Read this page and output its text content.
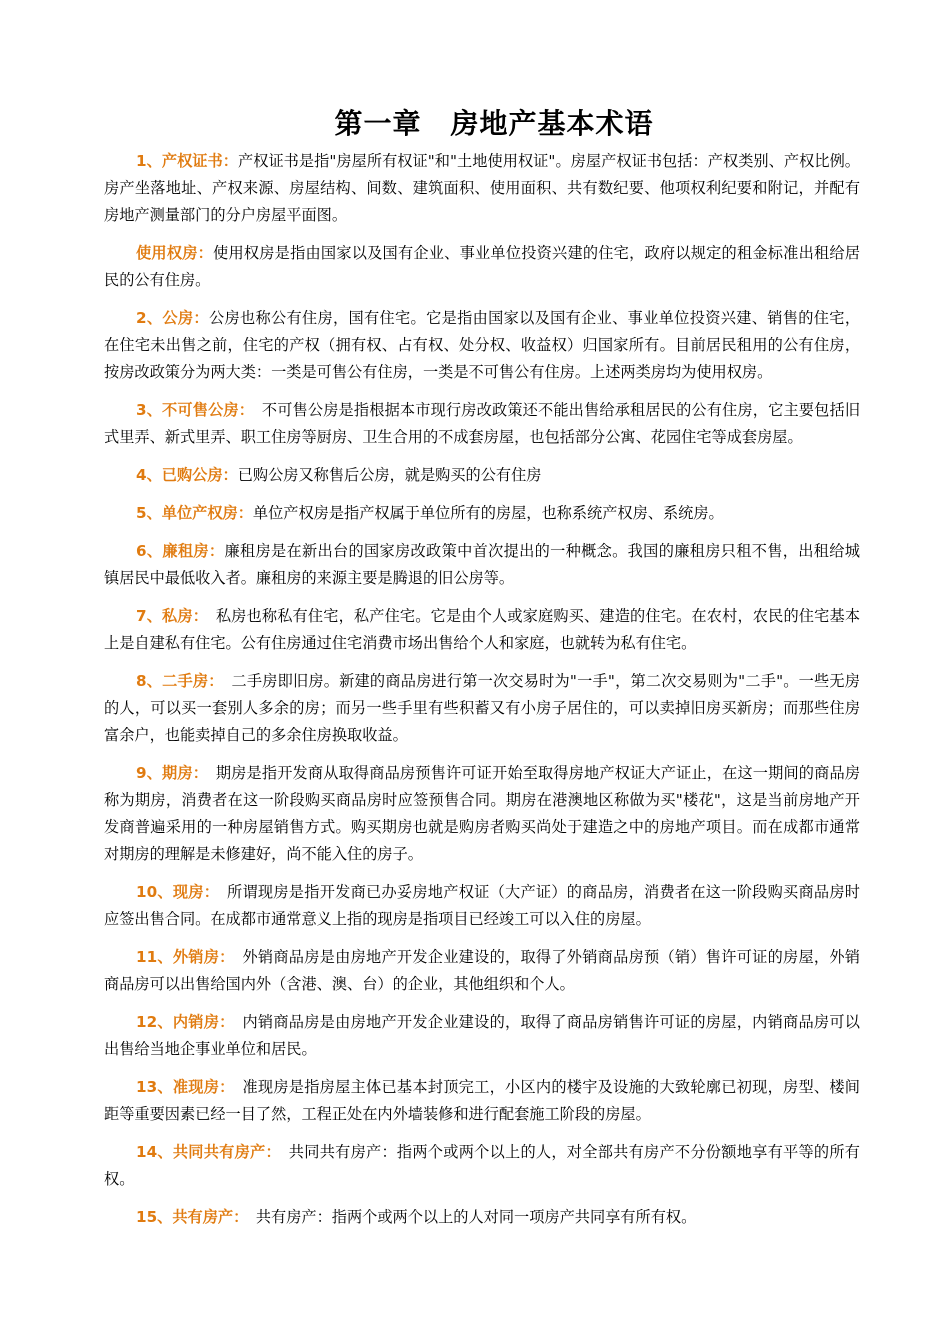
第一章　房地产基本术语

1、产权证书：产权证书是指"房屋所有权证"和"土地使用权证"。房屋产权证书包括：产权类别、产权比例。房产坐落地址、产权来源、房屋结构、间数、建筑面积、使用面积、共有数纪要、他项权利纪要和附记，并配有房地产测量部门的分户房屋平面图。

使用权房：使用权房是指由国家以及国有企业、事业单位投资兴建的住宅，政府以规定的租金标准出租给居民的公有住房。

2、公房：公房也称公有住房，国有住宅。它是指由国家以及国有企业、事业单位投资兴建、销售的住宅，在住宅未出售之前，住宅的产权（拥有权、占有权、处分权、收益权）归国家所有。目前居民租用的公有住房，按房改政策分为两大类：一类是可售公有住房，一类是不可售公有住房。上述两类房均为使用权房。

3、不可售公房：　不可售公房是指根据本市现行房改政策还不能出售给承租居民的公有住房，它主要包括旧式里弄、新式里弄、职工住房等厨房、卫生合用的不成套房屋，也包括部分公寓、花园住宅等成套房屋。

4、已购公房：已购公房又称售后公房，就是购买的公有住房

5、单位产权房：单位产权房是指产权属于单位所有的房屋，也称系统产权房、系统房。

6、廉租房：廉租房是在新出台的国家房改政策中首次提出的一种概念。我国的廉租房只租不售，出租给城镇居民中最低收入者。廉租房的来源主要是腾退的旧公房等。

7、私房：　私房也称私有住宅，私产住宅。它是由个人或家庭购买、建造的住宅。在农村，农民的住宅基本上是自建私有住宅。公有住房通过住宅消费市场出售给个人和家庭，也就转为私有住宅。

8、二手房：　二手房即旧房。新建的商品房进行第一次交易时为"一手"，第二次交易则为"二手"。一些无房的人，可以买一套别人多余的房；而另一些手里有些积蓄又有小房子居住的，可以卖掉旧房买新房；而那些住房富余户，也能卖掉自己的多余住房换取收益。

9、期房：　期房是指开发商从取得商品房预售许可证开始至取得房地产权证大产证止，在这一期间的商品房称为期房，消费者在这一阶段购买商品房时应签预售合同。期房在港澳地区称做为买"楼花"，这是当前房地产开发商普遍采用的一种房屋销售方式。购买期房也就是购房者购买尚处于建造之中的房地产项目。而在成都市通常对期房的理解是未修建好，尚不能入住的房子。

10、现房：　所谓现房是指开发商已办妥房地产权证（大产证）的商品房，消费者在这一阶段购买商品房时应签出售合同。在成都市通常意义上指的现房是指项目已经竣工可以入住的房屋。

11、外销房：　外销商品房是由房地产开发企业建设的，取得了外销商品房预（销）售许可证的房屋，外销商品房可以出售给国内外（含港、澳、台）的企业，其他组织和个人。

12、内销房：　内销商品房是由房地产开发企业建设的，取得了商品房销售许可证的房屋，内销商品房可以出售给当地企事业单位和居民。

13、准现房：　准现房是指房屋主体已基本封顶完工，小区内的楼宇及设施的大致轮廓已初现，房型、楼间距等重要因素已经一目了然，工程正处在内外墙装修和进行配套施工阶段的房屋。

14、共同共有房产：　共同共有房产：指两个或两个以上的人，对全部共有房产不分份额地享有平等的所有权。

15、共有房产：　共有房产：指两个或两个以上的人对同一项房产共同享有所有权。
